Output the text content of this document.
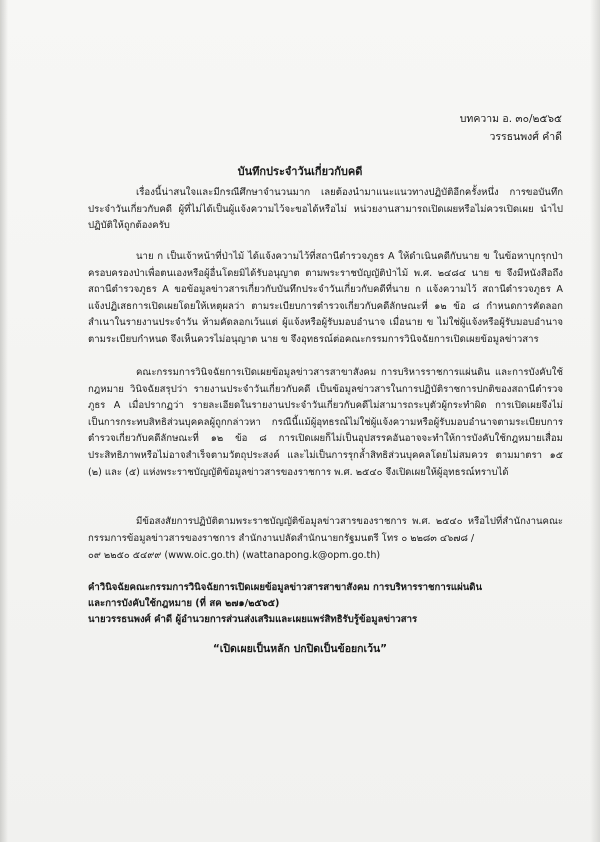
บทความ อ. ๓๐/๒๕๖๕
วรรธนพงศ์ คำดี
บันทึกประจำวันเกี่ยวกับคดี
เรื่องนี้น่าสนใจและมีกรณีศึกษาจำนวนมาก เลยต้องนำมาแนะแนวทางปฏิบัติอีกครั้งหนึ่ง การขอบันทึกประจำวันเกี่ยวกับคดี ผู้ที่ไม่ได้เป็นผู้แจ้งความไว้จะขอได้หรือไม่ หน่วยงานสามารถเปิดเผยหรือไม่ควรเปิดเผย นำไปปฏิบัติให้ถูกต้องครับ
นาย ก เป็นเจ้าหน้าที่ป่าไม้ ได้แจ้งความไว้ที่สถานีตำรวจภูธร A ให้ดำเนินคดีกับนาย ข ในข้อหาบุกรุกป่า ครอบครองป่าเพื่อตนเองหรือผู้อื่นโดยมิได้รับอนุญาต ตามพระราชบัญญัติป่าไม้ พ.ศ. ๒๔๘๔ นาย ข จึงมีหนังสือถึงสถานีตำรวจภูธร A ขอข้อมูลข่าวสารเกี่ยวกับบันทึกประจำวันเกี่ยวกับคดีที่นาย ก แจ้งความไว้ สถานีตำรวจภูธร A แจ้งปฏิเสธการเปิดเผยโดยให้เหตุผลว่า ตามระเบียบการตำรวจเกี่ยวกับคดีลักษณะที่ ๑๒ ข้อ ๘ กำหนดการคัดลอกสำเนาในรายงานประจำวัน ห้ามคัดลอกเว้นแต่ ผู้แจ้งหรือผู้รับมอบอำนาจ เมื่อนาย ข ไม่ใช่ผู้แจ้งหรือผู้รับมอบอำนาจตามระเบียบกำหนด จึงเห็นควรไม่อนุญาต นาย ข จึงอุทธรณ์ต่อคณะกรรมการวินิจฉัยการเปิดเผยข้อมูลข่าวสาร
คณะกรรมการวินิจฉัยการเปิดเผยข้อมูลข่าวสารสาขาสังคม การบริหารราชการแผ่นดิน และการบังคับใช้กฎหมาย วินิจฉัยสรุปว่า รายงานประจำวันเกี่ยวกับคดี เป็นข้อมูลข่าวสารในการปฏิบัติราชการปกติของสถานีตำรวจภูธร A เมื่อปรากฏว่า รายละเอียดในรายงานประจำวันเกี่ยวกับคดีไม่สามารถระบุตัวผู้กระทำผิด การเปิดเผยจึงไม่เป็นการกระทบสิทธิส่วนบุคคลผู้ถูกกล่าวหา กรณีนี้แม้ผู้อุทธรณ์ไม่ใช่ผู้แจ้งความหรือผู้รับมอบอำนาจตามระเบียบการตำรวจเกี่ยวกับคดีลักษณะที่ ๑๒ ข้อ ๘ การเปิดเผยก็ไม่เป็นอุปสรรคอันอาจจะทำให้การบังคับใช้กฎหมายเสื่อมประสิทธิภาพหรือไม่อาจสำเร็จตามวัตถุประสงค์ และไม่เป็นการรุกล้ำสิทธิส่วนบุคคลโดยไม่สมควร ตามมาตรา ๑๕ (๒) และ (๕) แห่งพระราชบัญญัติข้อมูลข่าวสารของราชการ พ.ศ. ๒๕๔๐ จึงเปิดเผยให้ผู้อุทธรณ์ทราบได้
มีข้อสงสัยการปฏิบัติตามพระราชบัญญัติข้อมูลข่าวสารของราชการ พ.ศ. ๒๕๔๐ หรือไปที่สำนักงานคณะกรรมการข้อมูลข่าวสารของราชการ สำนักงานปลัดสำนักนายกรัฐมนตรี โทร ๐ ๒๒๘๓ ๔๖๗๘ /
๐๙ ๒๒๕๐ ๕๔๙๙ (www.oic.go.th) (wattanapong.k@opm.go.th)
คำวินิจฉัยคณะกรรมการวินิจฉัยการเปิดเผยข้อมูลข่าวสารสาขาสังคม การบริหารราชการแผ่นดิน
และการบังคับใช้กฎหมาย (ที่ สค ๒๗๑/๒๕๖๕)
นายวรรธนพงศ์ คำดี ผู้อำนวยการส่วนส่งเสริมและเผยแพร่สิทธิรับรู้ข้อมูลข่าวสาร
“เปิดเผยเป็นหลัก ปกปิดเป็นข้อยกเว้น”
